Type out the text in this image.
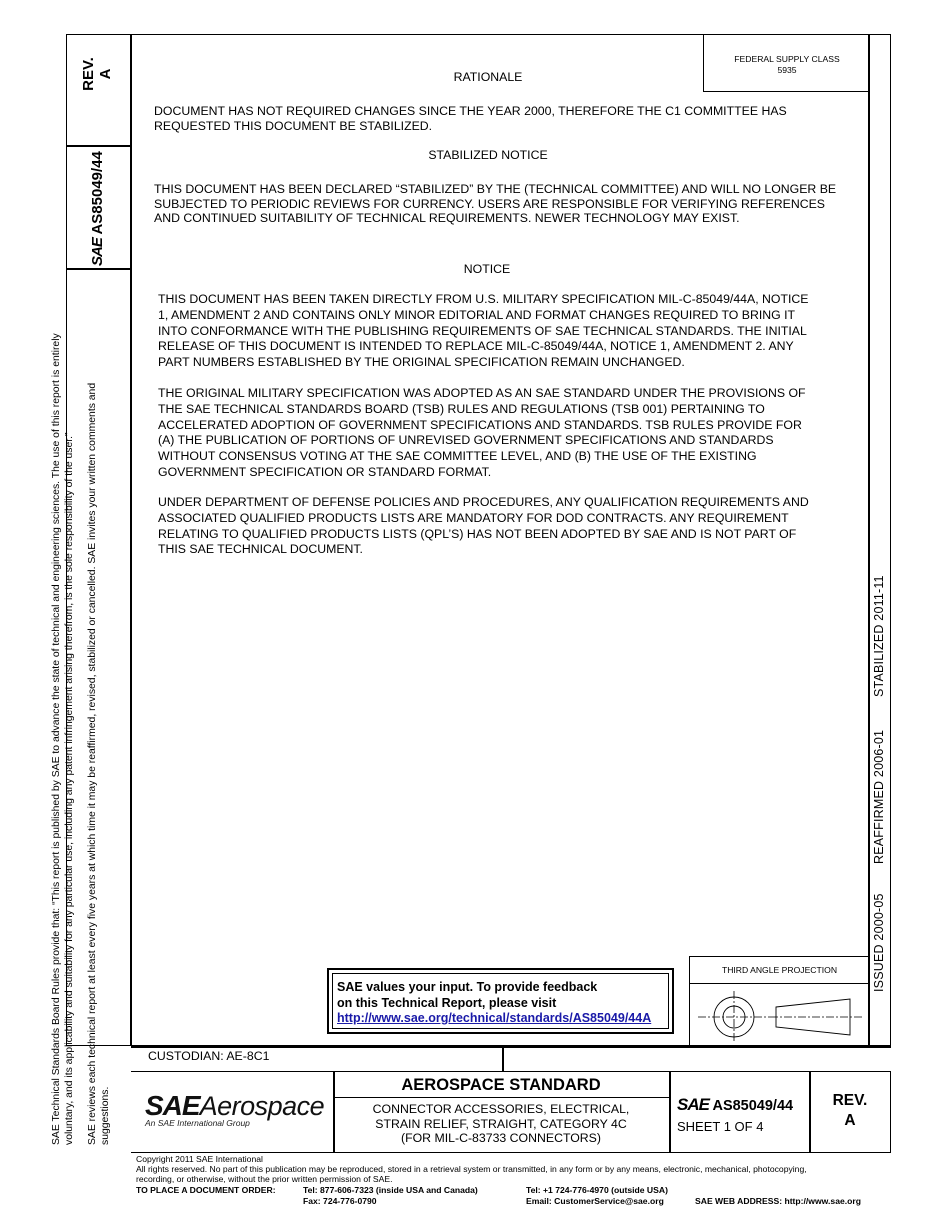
REV. A
SAE AS85049/44
FEDERAL SUPPLY CLASS
5935
RATIONALE
DOCUMENT HAS NOT REQUIRED CHANGES SINCE THE YEAR 2000, THEREFORE THE C1 COMMITTEE HAS REQUESTED THIS DOCUMENT BE STABILIZED.
STABILIZED NOTICE
THIS DOCUMENT HAS BEEN DECLARED “STABILIZED” BY THE (TECHNICAL COMMITTEE) AND WILL NO LONGER BE SUBJECTED TO PERIODIC REVIEWS FOR CURRENCY. USERS ARE RESPONSIBLE FOR VERIFYING REFERENCES AND CONTINUED SUITABILITY OF TECHNICAL REQUIREMENTS. NEWER TECHNOLOGY MAY EXIST.
NOTICE
THIS DOCUMENT HAS BEEN TAKEN DIRECTLY FROM U.S. MILITARY SPECIFICATION MIL-C-85049/44A, NOTICE 1, AMENDMENT 2 AND CONTAINS ONLY MINOR EDITORIAL AND FORMAT CHANGES REQUIRED TO BRING IT INTO CONFORMANCE WITH THE PUBLISHING REQUIREMENTS OF SAE TECHNICAL STANDARDS. THE INITIAL RELEASE OF THIS DOCUMENT IS INTENDED TO REPLACE MIL-C-85049/44A, NOTICE 1, AMENDMENT 2. ANY PART NUMBERS ESTABLISHED BY THE ORIGINAL SPECIFICATION REMAIN UNCHANGED.
THE ORIGINAL MILITARY SPECIFICATION WAS ADOPTED AS AN SAE STANDARD UNDER THE PROVISIONS OF THE SAE TECHNICAL STANDARDS BOARD (TSB) RULES AND REGULATIONS (TSB 001) PERTAINING TO ACCELERATED ADOPTION OF GOVERNMENT SPECIFICATIONS AND STANDARDS. TSB RULES PROVIDE FOR (A) THE PUBLICATION OF PORTIONS OF UNREVISED GOVERNMENT SPECIFICATIONS AND STANDARDS WITHOUT CONSENSUS VOTING AT THE SAE COMMITTEE LEVEL, AND (B) THE USE OF THE EXISTING GOVERNMENT SPECIFICATION OR STANDARD FORMAT.
UNDER DEPARTMENT OF DEFENSE POLICIES AND PROCEDURES, ANY QUALIFICATION REQUIREMENTS AND ASSOCIATED QUALIFIED PRODUCTS LISTS ARE MANDATORY FOR DOD CONTRACTS. ANY REQUIREMENT RELATING TO QUALIFIED PRODUCTS LISTS (QPL’S) HAS NOT BEEN ADOPTED BY SAE AND IS NOT PART OF THIS SAE TECHNICAL DOCUMENT.
SAE Technical Standards Board Rules provide that: “This report is published by SAE to advance the state of technical and engineering sciences. The use of this report is entirely voluntary, and its applicability and suitability for any particular use, including any patent infringement arising therefrom, is the sole responsibility of the user.” SAE reviews each technical report at least every five years at which time it may be reaffirmed, revised, stabilized or cancelled. SAE invites your written comments and suggestions.
ISSUED 2000-05
REAFFIRMED 2006-01
STABILIZED 2011-11
SAE values your input. To provide feedback
on this Technical Report, please visit
http://www.sae.org/technical/standards/AS85049/44A
THIRD ANGLE PROJECTION
CUSTODIAN: AE-8C1
SAEAerospace
An SAE International Group
AEROSPACE STANDARD
CONNECTOR ACCESSORIES, ELECTRICAL,
STRAIN RELIEF, STRAIGHT, CATEGORY 4C
(FOR MIL-C-83733 CONNECTORS)
SAE AS85049/44
SHEET 1 OF 4
REV.
A
Copyright 2011 SAE International
All rights reserved. No part of this publication may be reproduced, stored in a retrieval system or transmitted, in any form or by any means, electronic, mechanical, photocopying,
recording, or otherwise, without the prior written permission of SAE.
TO PLACE A DOCUMENT ORDER:	Tel: 877-606-7323 (inside USA and Canada)
Fax: 724-776-0790
Tel: +1 724-776-4970 (outside USA)
Email: CustomerService@sae.org	SAE WEB ADDRESS: http://www.sae.org
